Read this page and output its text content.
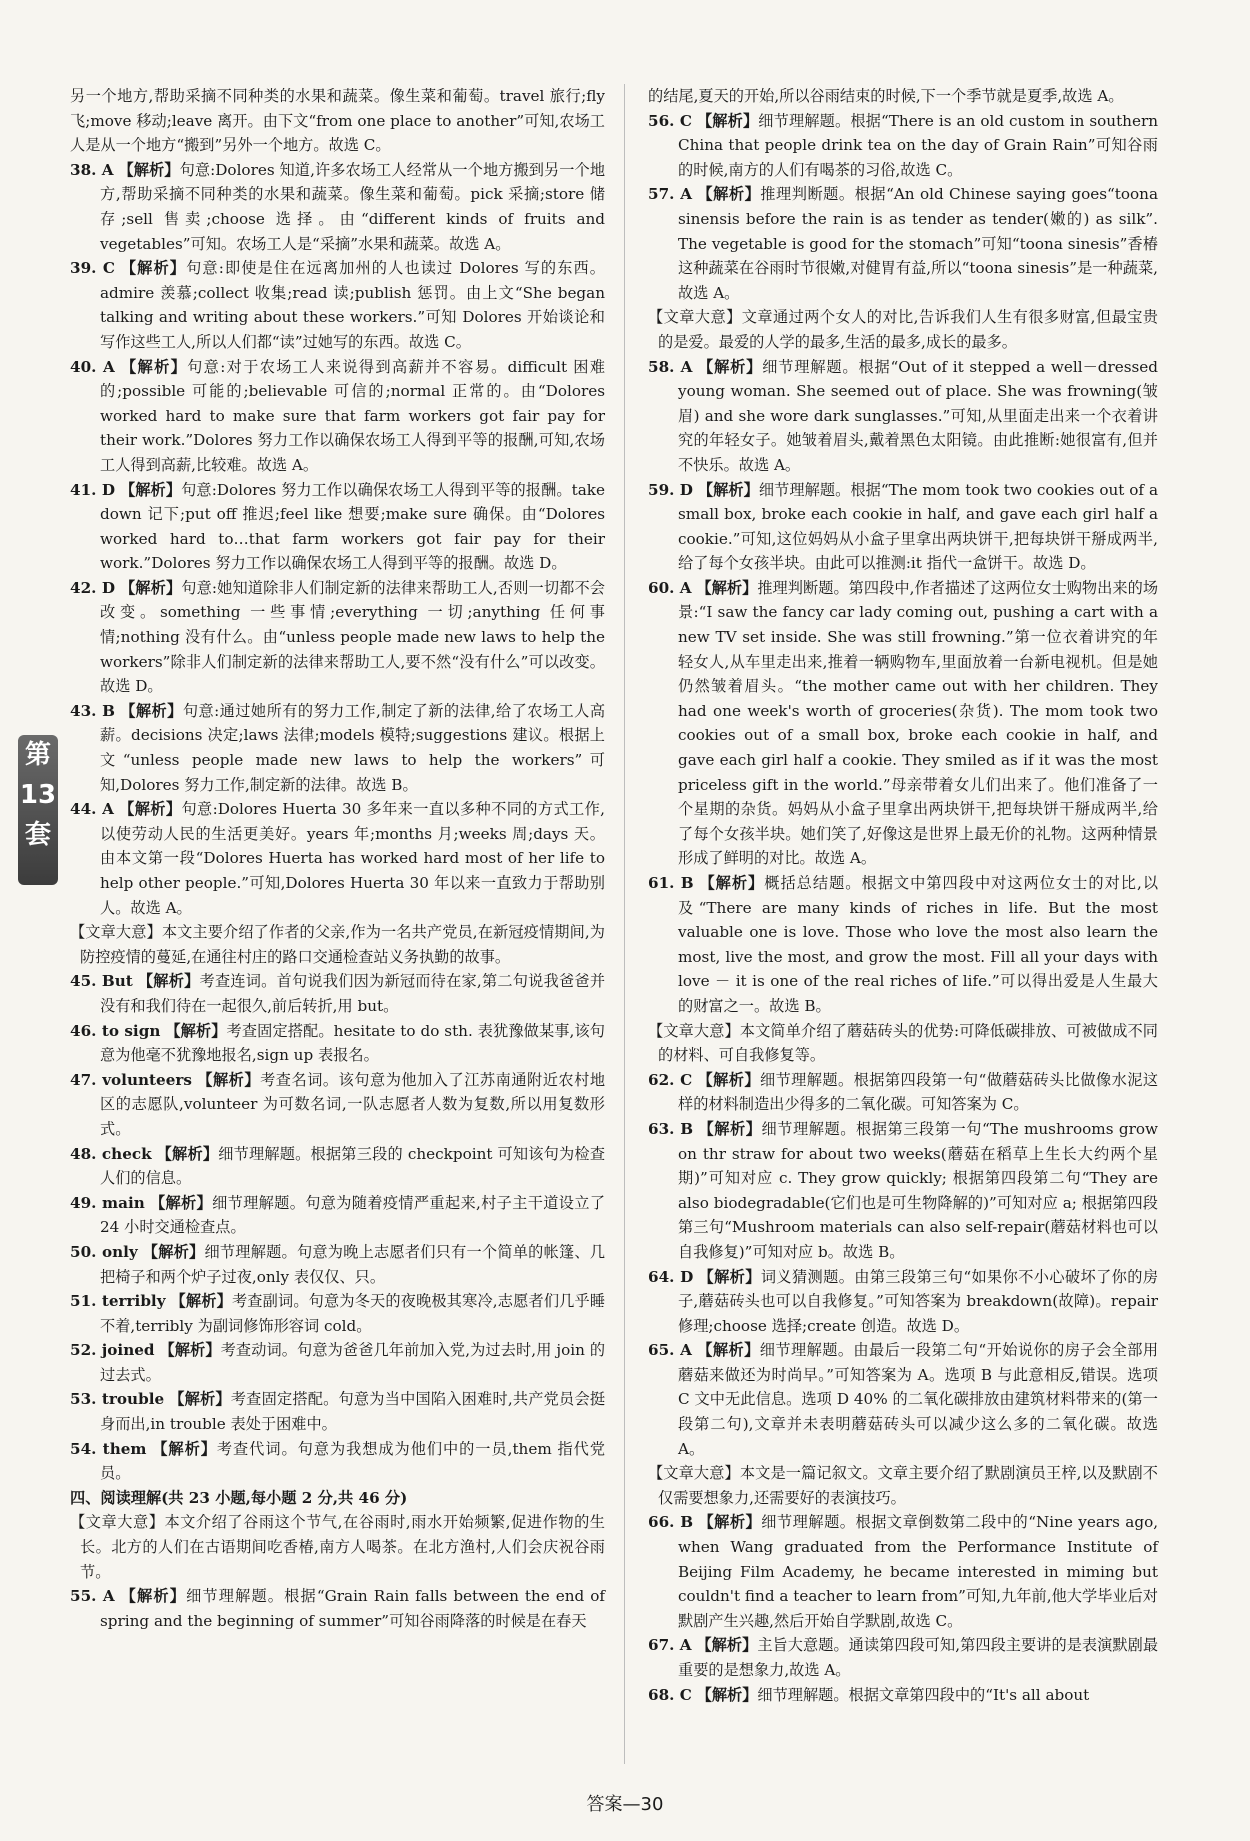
第
13
套

另一个地方,帮助采摘不同种类的水果和蔬菜。像生菜和葡萄。travel 旅行;fly 飞;move 移动;leave 离开。由下文“from one place to another”可知,农场工人是从一个地方“搬到”另外一个地方。故选 C。

38. A 【解析】句意:Dolores 知道,许多农场工人经常从一个地方搬到另一个地方,帮助采摘不同种类的水果和蔬菜。像生菜和葡萄。pick 采摘;store 储存;sell 售卖;choose 选择。由“different kinds of fruits and vegetables”可知。农场工人是“采摘”水果和蔬菜。故选 A。

39. C 【解析】句意:即使是住在远离加州的人也读过 Dolores 写的东西。admire 羡慕;collect 收集;read 读;publish 惩罚。由上文“She began talking and writing about these workers.”可知 Dolores 开始谈论和写作这些工人,所以人们都“读”过她写的东西。故选 C。

40. A 【解析】句意:对于农场工人来说得到高薪并不容易。difficult 困难的;possible 可能的;believable 可信的;normal 正常的。由“Dolores worked hard to make sure that farm workers got fair pay for their work.”Dolores 努力工作以确保农场工人得到平等的报酬,可知,农场工人得到高薪,比较难。故选 A。

41. D 【解析】句意:Dolores 努力工作以确保农场工人得到平等的报酬。take down 记下;put off 推迟;feel like 想要;make sure 确保。由“Dolores worked hard to…that farm workers got fair pay for their work.”Dolores 努力工作以确保农场工人得到平等的报酬。故选 D。

42. D 【解析】句意:她知道除非人们制定新的法律来帮助工人,否则一切都不会改变。something 一些事情;everything 一切;anything 任何事情;nothing 没有什么。由“unless people made new laws to help the workers”除非人们制定新的法律来帮助工人,要不然“没有什么”可以改变。故选 D。

43. B 【解析】句意:通过她所有的努力工作,制定了新的法律,给了农场工人高薪。decisions 决定;laws 法律;models 模特;suggestions 建议。根据上文“unless people made new laws to help the workers”可知,Dolores 努力工作,制定新的法律。故选 B。

44. A 【解析】句意:Dolores Huerta 30 多年来一直以多种不同的方式工作,以使劳动人民的生活更美好。years 年;months 月;weeks 周;days 天。由本文第一段“Dolores Huerta has worked hard most of her life to help other people.”可知,Dolores Huerta 30 年以来一直致力于帮助别人。故选 A。

【文章大意】本文主要介绍了作者的父亲,作为一名共产党员,在新冠疫情期间,为防控疫情的蔓延,在通往村庄的路口交通检查站义务执勤的故事。

45. But 【解析】考查连词。首句说我们因为新冠而待在家,第二句说我爸爸并没有和我们待在一起很久,前后转折,用 but。

46. to sign 【解析】考查固定搭配。hesitate to do sth. 表犹豫做某事,该句意为他毫不犹豫地报名,sign up 表报名。

47. volunteers 【解析】考查名词。该句意为他加入了江苏南通附近农村地区的志愿队,volunteer 为可数名词,一队志愿者人数为复数,所以用复数形式。

48. check 【解析】细节理解题。根据第三段的 checkpoint 可知该句为检查人们的信息。

49. main 【解析】细节理解题。句意为随着疫情严重起来,村子主干道设立了 24 小时交通检查点。

50. only 【解析】细节理解题。句意为晚上志愿者们只有一个简单的帐篷、几把椅子和两个炉子过夜,only 表仅仅、只。

51. terribly 【解析】考查副词。句意为冬天的夜晚极其寒冷,志愿者们几乎睡不着,terribly 为副词修饰形容词 cold。

52. joined 【解析】考查动词。句意为爸爸几年前加入党,为过去时,用 join 的过去式。

53. trouble 【解析】考查固定搭配。句意为当中国陷入困难时,共产党员会挺身而出,in trouble 表处于困难中。

54. them 【解析】考查代词。句意为我想成为他们中的一员,them 指代党员。

四、阅读理解(共 23 小题,每小题 2 分,共 46 分)

【文章大意】本文介绍了谷雨这个节气,在谷雨时,雨水开始频繁,促进作物的生长。北方的人们在古语期间吃香椿,南方人喝茶。在北方渔村,人们会庆祝谷雨节。

55. A 【解析】细节理解题。根据“Grain Rain falls between the end of spring and the beginning of summer”可知谷雨降落的时候是在春天

的结尾,夏天的开始,所以谷雨结束的时候,下一个季节就是夏季,故选 A。

56. C 【解析】细节理解题。根据“There is an old custom in southern China that people drink tea on the day of Grain Rain”可知谷雨的时候,南方的人们有喝茶的习俗,故选 C。

57. A 【解析】推理判断题。根据“An old Chinese saying goes“toona sinensis before the rain is as tender as tender(嫩的) as silk”. The vegetable is good for the stomach”可知“toona sinesis”香椿这种蔬菜在谷雨时节很嫩,对健胃有益,所以“toona sinesis”是一种蔬菜,故选 A。

【文章大意】文章通过两个女人的对比,告诉我们人生有很多财富,但最宝贵的是爱。最爱的人学的最多,生活的最多,成长的最多。

58. A 【解析】细节理解题。根据“Out of it stepped a well－dressed young woman. She seemed out of place. She was frowning(皱眉) and she wore dark sunglasses.”可知,从里面走出来一个衣着讲究的年轻女子。她皱着眉头,戴着黑色太阳镜。由此推断:她很富有,但并不快乐。故选 A。

59. D 【解析】细节理解题。根据“The mom took two cookies out of a small box, broke each cookie in half, and gave each girl half a cookie.”可知,这位妈妈从小盒子里拿出两块饼干,把每块饼干掰成两半,给了每个女孩半块。由此可以推测:it 指代一盒饼干。故选 D。

60. A 【解析】推理判断题。第四段中,作者描述了这两位女士购物出来的场景:“I saw the fancy car lady coming out, pushing a cart with a new TV set inside. She was still frowning.”第一位衣着讲究的年轻女人,从车里走出来,推着一辆购物车,里面放着一台新电视机。但是她仍然皱着眉头。“the mother came out with her children. They had one week's worth of groceries(杂货). The mom took two cookies out of a small box, broke each cookie in half, and gave each girl half a cookie. They smiled as if it was the most priceless gift in the world.”母亲带着女儿们出来了。他们准备了一个星期的杂货。妈妈从小盒子里拿出两块饼干,把每块饼干掰成两半,给了每个女孩半块。她们笑了,好像这是世界上最无价的礼物。这两种情景形成了鲜明的对比。故选 A。

61. B 【解析】概括总结题。根据文中第四段中对这两位女士的对比,以及“There are many kinds of riches in life. But the most valuable one is love. Those who love the most also learn the most, live the most, and grow the most. Fill all your days with love － it is one of the real riches of life.”可以得出爱是人生最大的财富之一。故选 B。

【文章大意】本文简单介绍了蘑菇砖头的优势:可降低碳排放、可被做成不同的材料、可自我修复等。

62. C 【解析】细节理解题。根据第四段第一句“做蘑菇砖头比做像水泥这样的材料制造出少得多的二氧化碳。可知答案为 C。

63. B 【解析】细节理解题。根据第三段第一句“The mushrooms grow on thr straw for about two weeks(蘑菇在稻草上生长大约两个星期)”可知对应 c. They grow quickly; 根据第四段第二句“They are also biodegradable(它们也是可生物降解的)”可知对应 a; 根据第四段第三句“Mushroom materials can also self-repair(蘑菇材料也可以自我修复)”可知对应 b。故选 B。

64. D 【解析】词义猜测题。由第三段第三句“如果你不小心破坏了你的房子,蘑菇砖头也可以自我修复。”可知答案为 breakdown(故障)。repair 修理;choose 选择;create 创造。故选 D。

65. A 【解析】细节理解题。由最后一段第二句“开始说你的房子会全部用蘑菇来做还为时尚早。”可知答案为 A。选项 B 与此意相反,错误。选项 C 文中无此信息。选项 D 40% 的二氧化碳排放由建筑材料带来的(第一段第二句),文章并未表明蘑菇砖头可以减少这么多的二氧化碳。故选 A。

【文章大意】本文是一篇记叙文。文章主要介绍了默剧演员王梓,以及默剧不仅需要想象力,还需要好的表演技巧。

66. B 【解析】细节理解题。根据文章倒数第二段中的“Nine years ago, when Wang graduated from the Performance Institute of Beijing Film Academy, he became interested in miming but couldn't find a teacher to learn from”可知,九年前,他大学毕业后对默剧产生兴趣,然后开始自学默剧,故选 C。

67. A 【解析】主旨大意题。通读第四段可知,第四段主要讲的是表演默剧最重要的是想象力,故选 A。

68. C 【解析】细节理解题。根据文章第四段中的“It's all about

答案—30
